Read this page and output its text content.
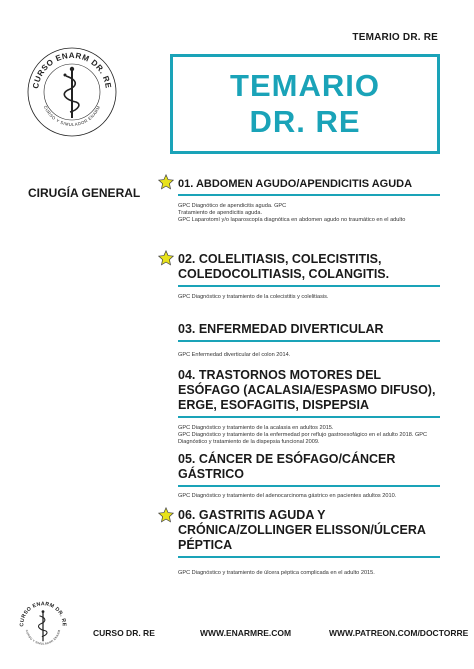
TEMARIO DR. RE
CURSO ENARM DR. RE
CURSO Y SIMULADOR ENARM
TEMARIO
DR. RE
CIRUGÍA GENERAL
01. ABDOMEN AGUDO/APENDICITIS AGUDA
GPC Diagnótico de apendicitis aguda. GPC
Tratamiento de apendicitis aguda.
GPC Laparotomí y/o laparoscopía diagnótica en abdomen agudo no traumático en el adulto
02. COLELITIASIS, COLECISTITIS, COLEDOCOLITIASIS, COLANGITIS.
GPC Diagnóstico y tratamiento de la colecistitis y colelitiasis.
03. ENFERMEDAD DIVERTICULAR
GPC Enfermedad diverticular del colon 2014.
04. TRASTORNOS MOTORES DEL ESÓFAGO (ACALASIA/ESPASMO DIFUSO), ERGE, ESOFAGITIS, DISPEPSIA
GPC Diagnóstico y tratamiento de la acalasia en adultos 2015.
GPC Diagnóstico y tratamiento de la enfermedad por reflujo gastroesofágico en el adulto 2018. GPC
Diagnóstico y tratamiento de la dispepsia funcional 2009.
05. CÁNCER DE ESÓFAGO/CÁNCER GÁSTRICO
GPC Diagnóstico y tratamiento del adenocarcinoma gástrico en pacientes adultos 2010.
06. GASTRITIS AGUDA Y CRÓNICA/ZOLLINGER ELISSON/ÚLCERA PÉPTICA
GPC Diagnóstico y tratamiento de úlcera péptica complicada en el adulto 2015.
CURSO ENARM DR. RE
CURSO Y SIMULADOR ENARM	CURSO DR. RE	WWW.ENARMRE.COM	WWW.PATREON.COM/DOCTORRE
